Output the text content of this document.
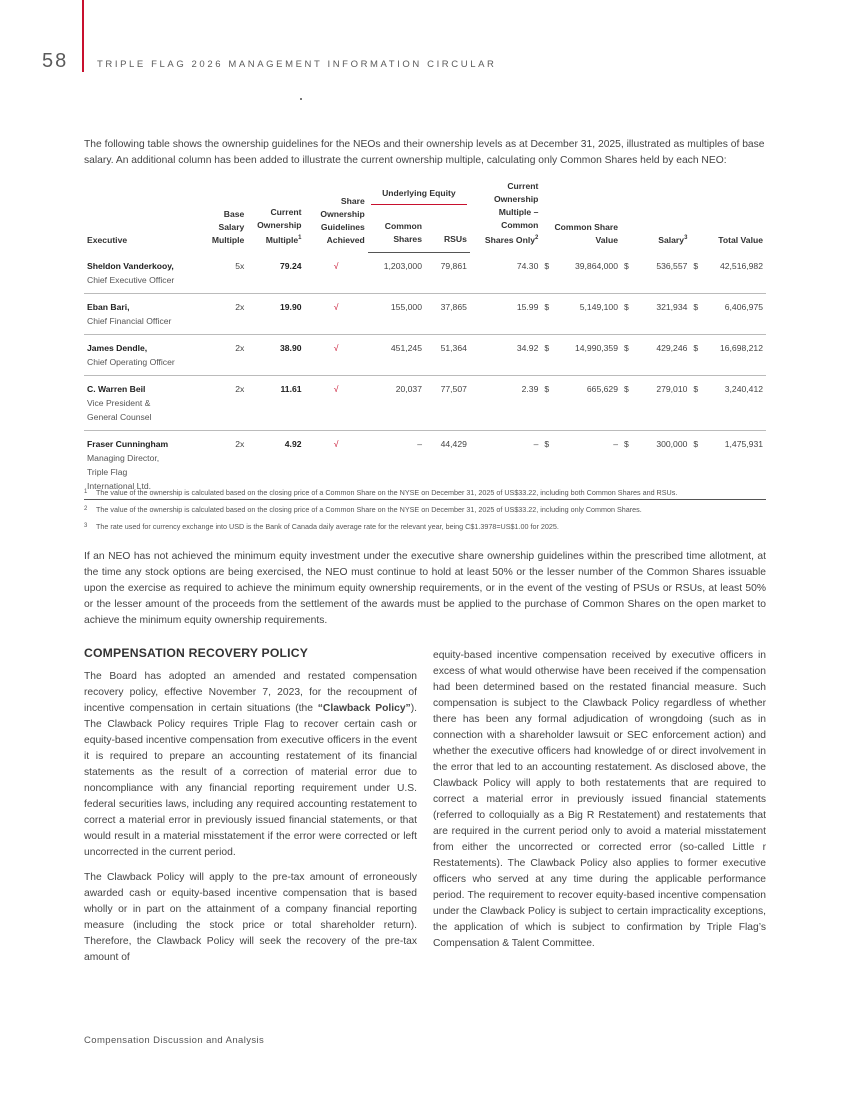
58	TRIPLE FLAG 2026 MANAGEMENT INFORMATION CIRCULAR
The following table shows the ownership guidelines for the NEOs and their ownership levels as at December 31, 2025, illustrated as multiples of base salary. An additional column has been added to illustrate the current ownership multiple, calculating only Common Shares held by each NEO:
Executive	Base Salary Multiple	Current Ownership Multiple$^1$	Share Ownership Guidelines Achieved	Underlying Equity		Current Ownership Multiple – Common Shares Only$^2$	Common Share Value	Salary$^3$	Total Value
				Common Shares	RSUs				

Sheldon Vanderkooy,
Chief Executive Officer	5x	79.24	√	1,203,000	79,861	74.30	$ 39,864,000	$ 536,557	$ 42,516,982

Eban Bari,
Chief Financial Officer	2x	19.90	√	155,000	37,865	15.99	$ 5,149,100	$ 321,934	$ 6,406,975

James Dendle,
Chief Operating Officer	2x	38.90	√	451,245	51,364	34.92	$ 14,990,359	$ 429,246	$ 16,698,212

C. Warren Beil
Vice President &
General Counsel	2x	11.61	√	20,037	77,507	2.39	$ 665,629	$ 279,010	$ 3,240,412

Fraser Cunningham
Managing Director,
Triple Flag
International Ltd.	2x	4.92	√	–	44,429	–	$ –	$ 300,000	$ 1,475,931
1	The value of the ownership is calculated based on the closing price of a Common Share on the NYSE on December 31, 2025 of US$33.22, including both Common Shares and RSUs.
2	The value of the ownership is calculated based on the closing price of a Common Share on the NYSE on December 31, 2025 of US$33.22, including only Common Shares.
3	The rate used for currency exchange into USD is the Bank of Canada daily average rate for the relevant year, being C$1.3978=US$1.00 for 2025.
If an NEO has not achieved the minimum equity investment under the executive share ownership guidelines within the prescribed time allotment, at the time any stock options are being exercised, the NEO must continue to hold at least 50% or the lesser number of the Common Shares issuable upon the exercise as required to achieve the minimum equity ownership requirements, or in the event of the vesting of PSUs or RSUs, at least 50% or the lesser amount of the proceeds from the settlement of the awards must be applied to the purchase of Common Shares on the open market to achieve the minimum equity ownership requirements.
COMPENSATION RECOVERY POLICY

The Board has adopted an amended and restated compensation recovery policy, effective November 7, 2023, for the recoupment of incentive compensation in certain situations (the “Clawback Policy”). The Clawback Policy requires Triple Flag to recover certain cash or equity-based incentive compensation from executive officers in the event it is required to prepare an accounting restatement of its financial statements as the result of a correction of material error due to noncompliance with any financial reporting requirement under U.S. federal securities laws, including any required accounting restatement to correct a material error in previously issued financial statements, or that would result in a material misstatement if the error were corrected or left uncorrected in the current period.

The Clawback Policy will apply to the pre-tax amount of erroneously awarded cash or equity-based incentive compensation that is based wholly or in part on the attainment of a company financial reporting measure (including the stock price or total shareholder return). Therefore, the Clawback Policy will seek the recovery of the pre-tax amount of

equity-based incentive compensation received by executive officers in excess of what would otherwise have been received if the compensation had been determined based on the restated financial measure. Such compensation is subject to the Clawback Policy regardless of whether there has been any formal adjudication of wrongdoing (such as in connection with a shareholder lawsuit or SEC enforcement action) and whether the executive officers had knowledge of or direct involvement in the error that led to an accounting restatement. As disclosed above, the Clawback Policy will apply to both restatements that are required to correct a material error in previously issued financial statements (referred to colloquially as a Big R Restatement) and restatements that are required in the current period only to avoid a material misstatement from either the uncorrected or corrected error (so-called Little r Restatements). The Clawback Policy also applies to former executive officers who served at any time during the applicable performance period. The requirement to recover equity-based incentive compensation under the Clawback Policy is subject to certain impracticality exceptions, the application of which is subject to confirmation by Triple Flag’s Compensation & Talent Committee.

Compensation Discussion and Analysis
